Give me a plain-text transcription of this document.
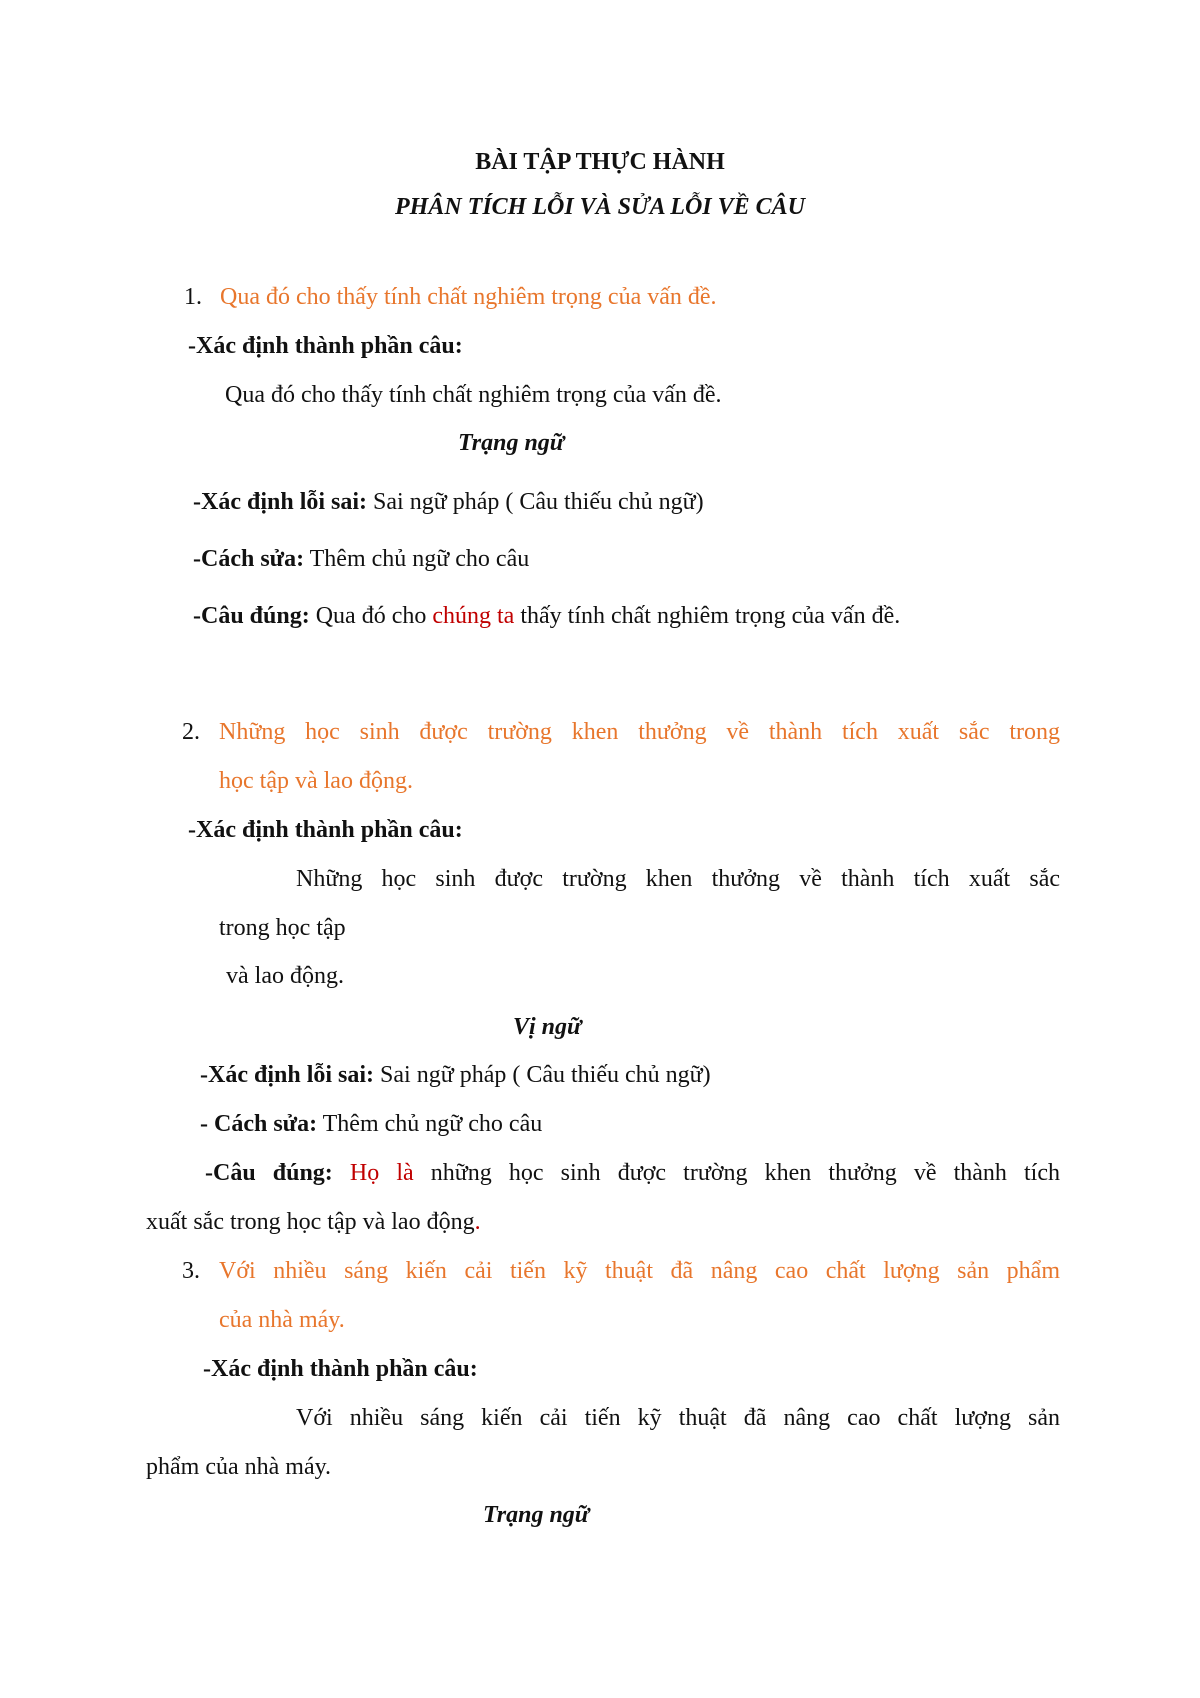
BÀI TẬP THỰC HÀNH
PHÂN TÍCH LỖI VÀ SỬA LỖI VỀ CÂU
1. Qua đó cho thấy tính chất nghiêm trọng của vấn đề.
-Xác định thành phần câu:
Qua đó cho thấy tính chất nghiêm trọng của vấn đề.
Trạng ngữ
-Xác định lỗi sai: Sai ngữ pháp ( Câu thiếu chủ ngữ)
-Cách sửa: Thêm chủ ngữ cho câu
-Câu đúng: Qua đó cho chúng ta thấy tính chất nghiêm trọng của vấn đề.
2. Những học sinh được trường khen thưởng về thành tích xuất sắc trong
học tập và lao động.
-Xác định thành phần câu:
Những học sinh được trường khen thưởng về thành tích xuất sắc
trong học tập
và lao động.
Vị ngữ
-Xác định lỗi sai: Sai ngữ pháp ( Câu thiếu chủ ngữ)
- Cách sửa: Thêm chủ ngữ cho câu
-Câu đúng: Họ là những học sinh được trường khen thưởng về thành tích
xuất sắc trong học tập và lao động.
3. Với nhiều sáng kiến cải tiến kỹ thuật đã nâng cao chất lượng sản phẩm
của nhà máy.
-Xác định thành phần câu:
Với nhiều sáng kiến cải tiến kỹ thuật đã nâng cao chất lượng sản
phẩm của nhà máy.
Trạng ngữ
